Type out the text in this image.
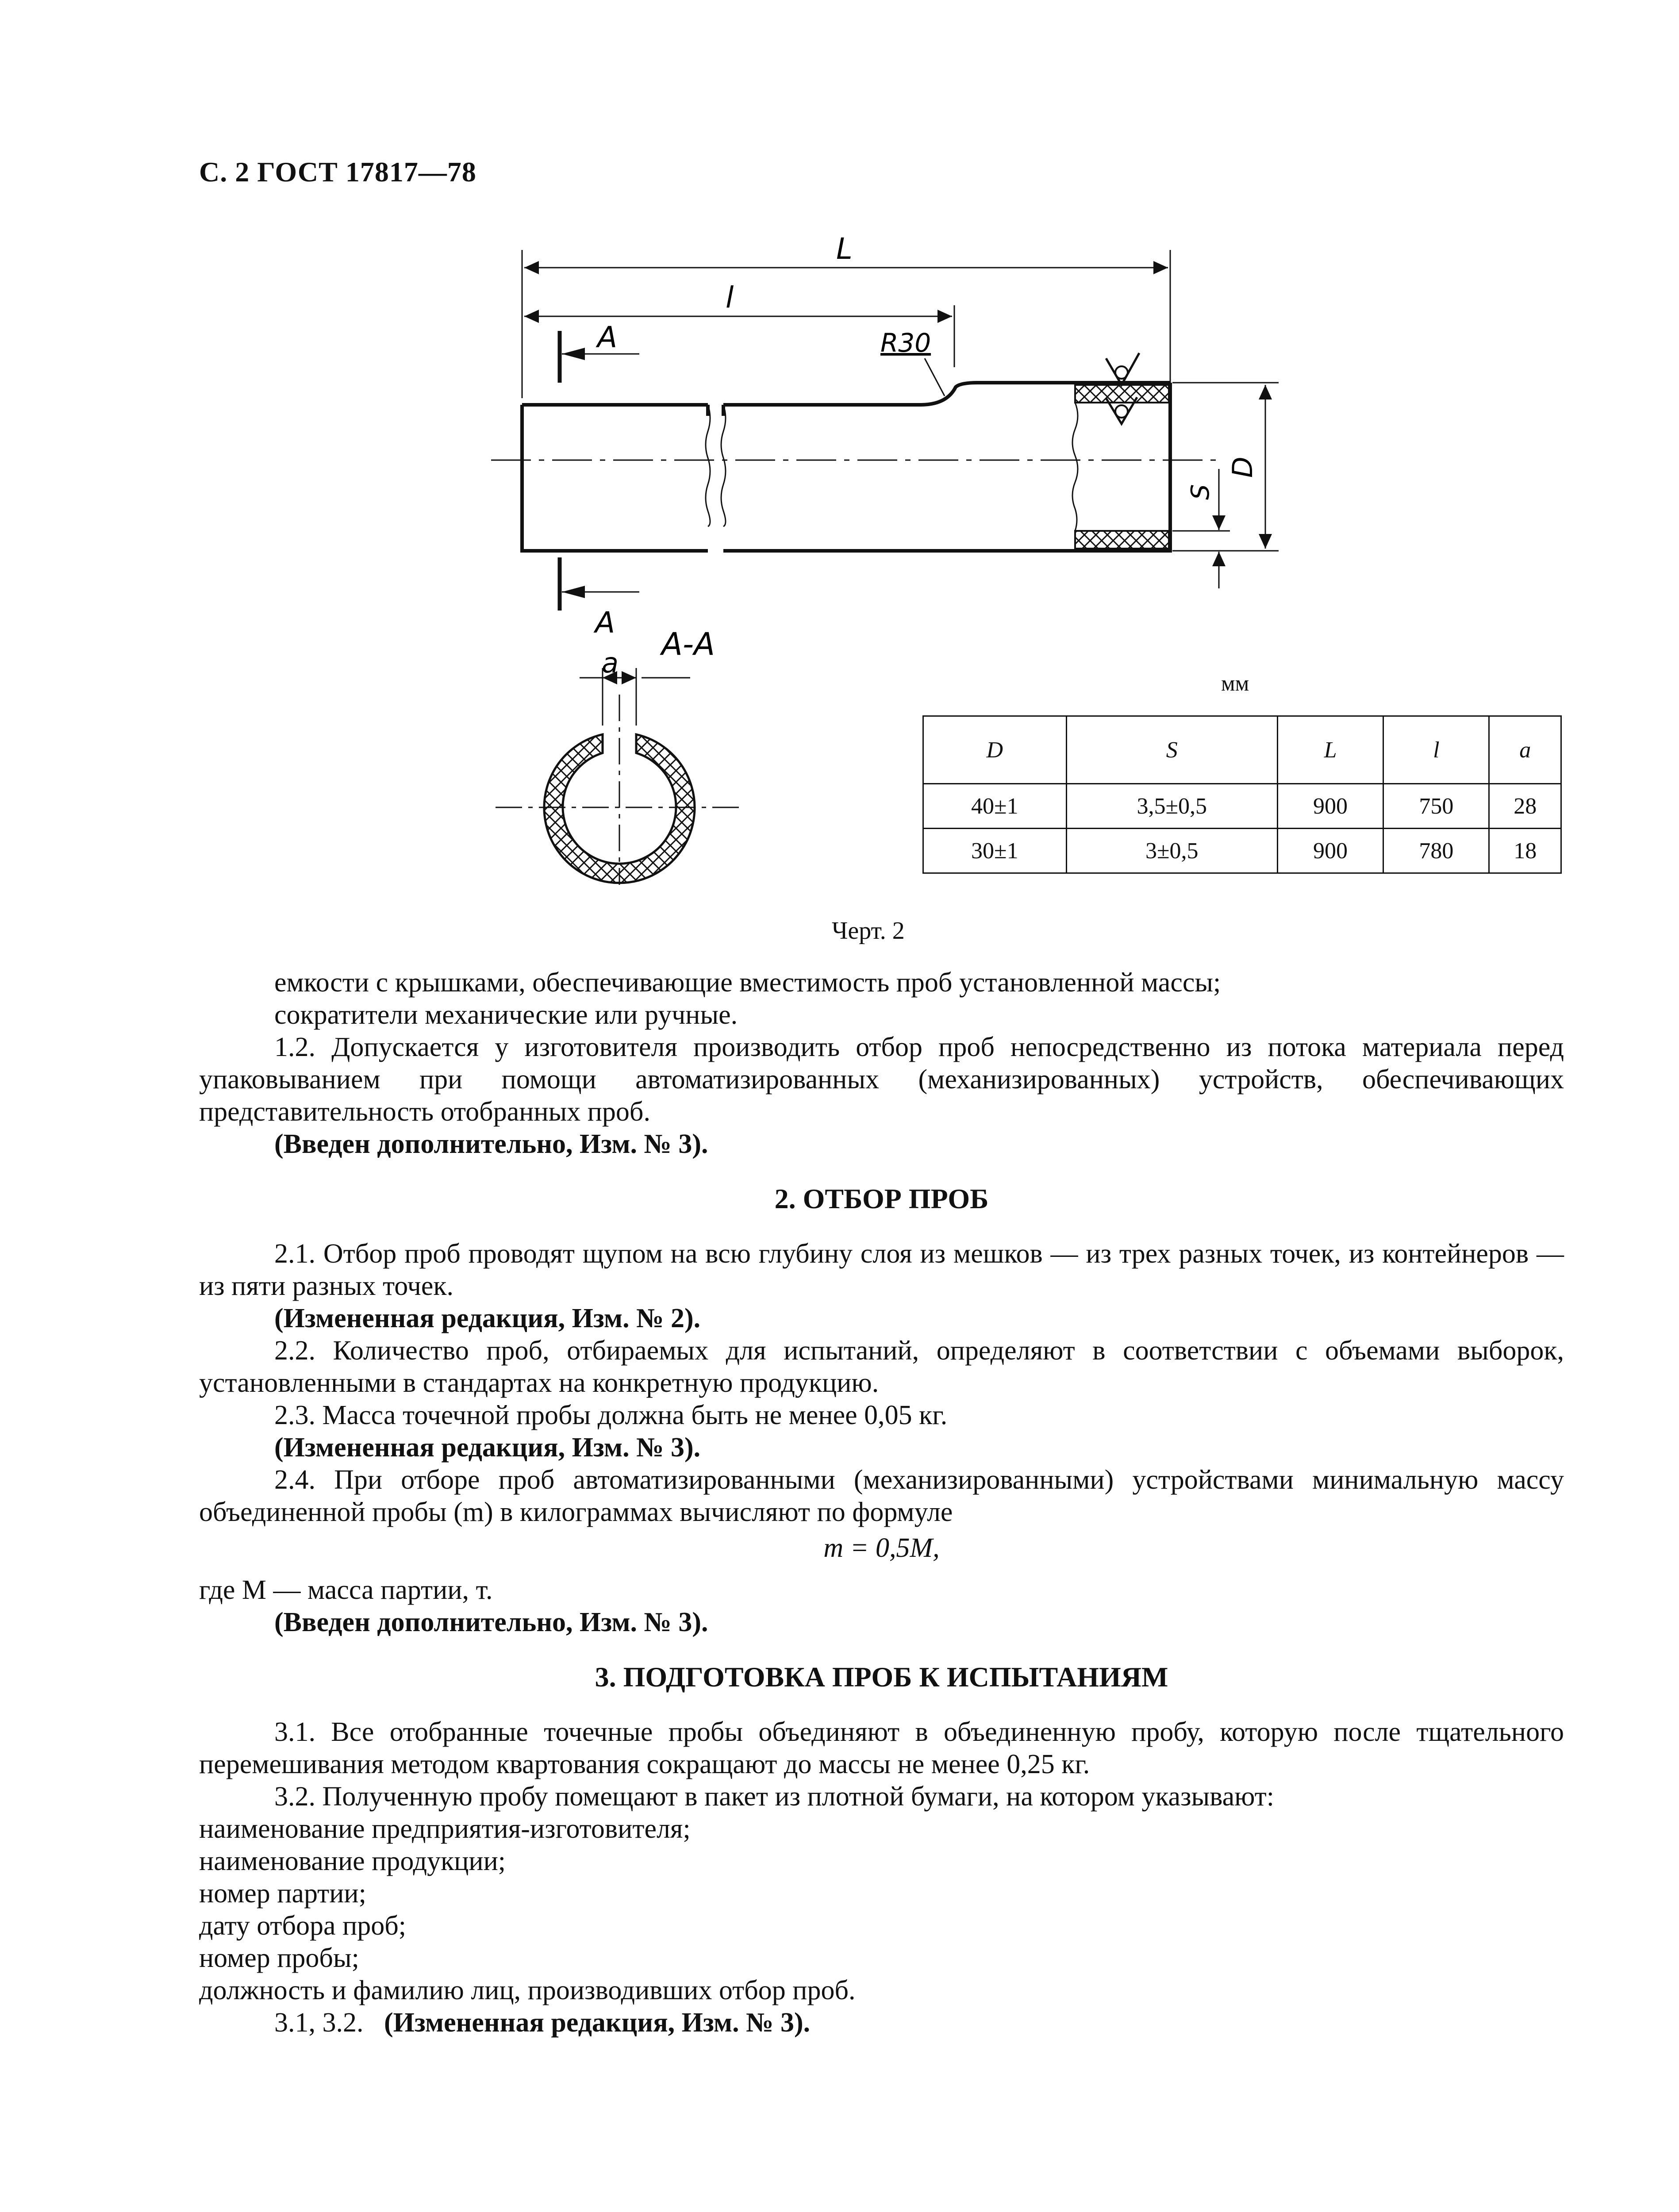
С. 2 ГОСТ 17817—78
L
l
A	R30
D
S
A
A-A
a
мм
D	S	L	l	a
40±1	3,5±0,5	900	750	28
30±1	3±0,5	900	780	18
Черт. 2

емкости с крышками, обеспечивающие вместимость проб установленной массы;

сократители механические или ручные.

1.2. Допускается у изготовителя производить отбор проб непосредственно из потока материала перед упаковыванием при помощи автоматизированных (механизированных) устройств, обеспечивающих представительность отобранных проб.

(Введен дополнительно, Изм. № 3).

2. ОТБОР ПРОБ

2.1. Отбор проб проводят щупом на всю глубину слоя из мешков — из трех разных точек, из контейнеров — из пяти разных точек.

(Измененная редакция, Изм. № 2).

2.2. Количество проб, отбираемых для испытаний, определяют в соответствии с объемами выборок, установленными в стандартах на конкретную продукцию.

2.3. Масса точечной пробы должна быть не менее 0,05 кг.

(Измененная редакция, Изм. № 3).

2.4. При отборе проб автоматизированными (механизированными) устройствами минимальную массу объединенной пробы (m) в килограммах вычисляют по формуле

m = 0,5M,

где M — масса партии, т.

(Введен дополнительно, Изм. № 3).

3. ПОДГОТОВКА ПРОБ К ИСПЫТАНИЯМ

3.1. Все отобранные точечные пробы объединяют в объединенную пробу, которую после тщательного перемешивания методом квартования сокращают до массы не менее 0,25 кг.

3.2. Полученную пробу помещают в пакет из плотной бумаги, на котором указывают:

наименование предприятия-изготовителя;

наименование продукции;

номер партии;

дату отбора проб;

номер пробы;

должность и фамилию лиц, производивших отбор проб.

3.1, 3.2. (Измененная редакция, Изм. № 3).
